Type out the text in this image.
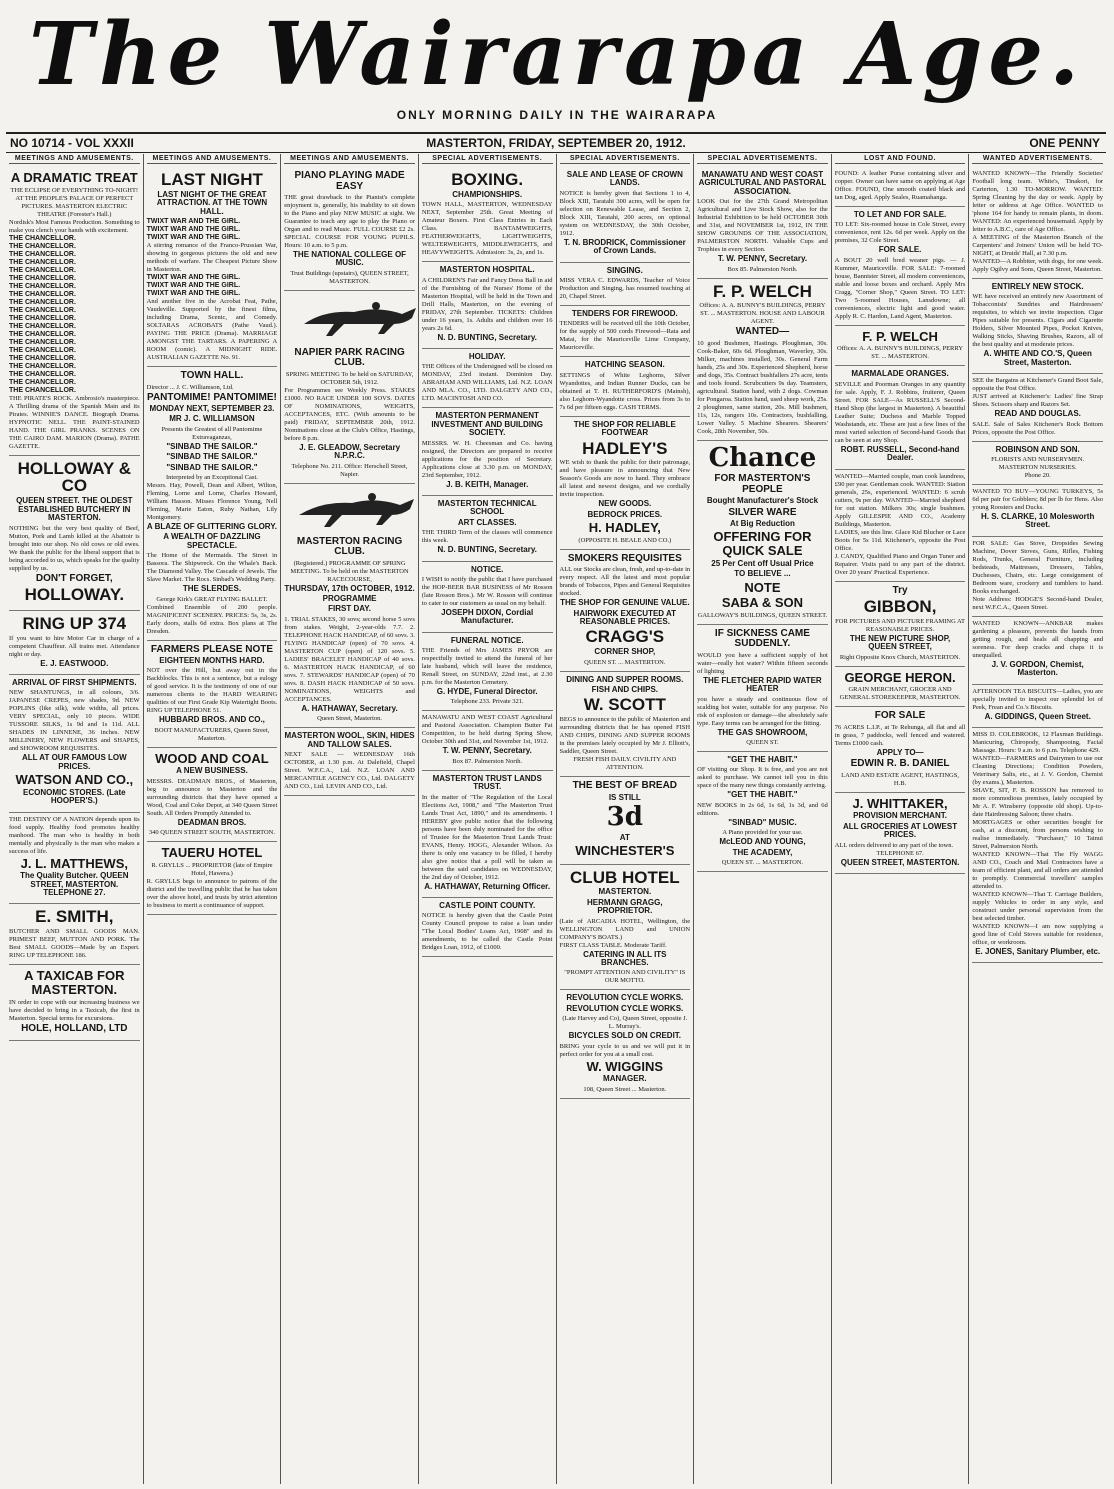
The Wairarapa Age.
ONLY MORNING DAILY IN THE WAIRARAPA
MASTERTON, FRIDAY, SEPTEMBER 20, 1912.
NO 10714 - VOL XXXII	ONE PENNY
MEETINGS AND AMUSEMENTS.
A DRAMATIC TREAT

THE ECLIPSE OF EVERYTHING TO-NIGHT! AT THE PEOPLE'S PALACE OF PERFECT PICTURES. MASTERTON ELECTRIC THEATRE (Forester's Hall.)

Nordisk's Most Famous Production. Something to make you clench your hands with excitement.

THE CHANCELLOR.
THE CHANCELLOR.
THE CHANCELLOR.
THE CHANCELLOR.
THE CHANCELLOR.
THE CHANCELLOR.
THE CHANCELLOR.
THE CHANCELLOR.
THE CHANCELLOR.
THE CHANCELLOR.
THE CHANCELLOR.
THE CHANCELLOR.
THE CHANCELLOR.
THE CHANCELLOR.
THE CHANCELLOR.
THE CHANCELLOR.
THE CHANCELLOR.
THE CHANCELLOR.
THE CHANCELLOR.
THE CHANCELLOR.

THE PIRATE'S ROCK. Ambrosio's masterpiece. A Thrilling drama of the Spanish Main and its Pirates. WINNIE'S DANCE. Biograph Drama. HYPNOTIC NELL. THE PAINT-STAINED HAND. THE GIRL PRANKS. SCENES ON THE CAIRO DAM. MARION (Drama). PATHE GAZETTE.

HOLLOWAY & CO
QUEEN STREET. THE OLDEST ESTABLISHED BUTCHERY IN MASTERTON.

NOTHING but the very best quality of Beef, Mutton, Pork and Lamb killed at the Abattoir is brought into our shop. No old cows or old ewes. We thank the public for the liberal support that is being accorded to us, which speaks for the quality supplied by us.

DON'T FORGET,
HOLLOWAY.
RING UP 374

If you want to hire Motor Car in charge of a competent Chauffeur. All trains met. Attendance night or day.

E. J. EASTWOOD.
ARRIVAL OF FIRST SHIPMENTS.

NEW SHANTUNGS, in all colours, 3/6. JAPANESE CREPES, new shades, 9d. NEW POPLINS (like silk), wide widths, all prices. VERY SPECIAL, only 10 pieces. WIDE TUSSORE SILKS, 1s 9d and 1s 11d. ALL SHADES IN LINNENE, 36 inches. NEW MILLINERY, NEW FLOWERS and SHAPES, and SHOWROOM REQUISITES.

ALL AT OUR FAMOUS LOW PRICES.
WATSON AND CO.,
ECONOMIC STORES. (Late HOOPER'S.)

THE DESTINY OF A NATION depends upon its food supply. Healthy food promotes healthy manhood. The man who is healthy in both mentally and physically is the man who makes a success of life.

J. L. MATTHEWS,
The Quality Butcher. QUEEN STREET, MASTERTON. TELEPHONE 27.
E. SMITH,

BUTCHER AND SMALL GOODS MAN. PRIMEST BEEF, MUTTON AND PORK. The Best SMALL GOODS—Made by an Expert. RING UP TELEPHONE 186.

A TAXICAB FOR MASTERTON.

IN order to cope with our increasing business we have decided to bring in a Taxicab, the first in Masterton. Special terms for excursions.

HOLE, HOLLAND, LTD
MEETINGS AND AMUSEMENTS.
LAST NIGHT
LAST NIGHT OF THE GREAT ATTRACTION. AT THE TOWN HALL.
TWIXT WAR AND THE GIRL.
TWIXT WAR AND THE GIRL.
TWIXT WAR AND THE GIRL.

A stirring romance of the Franco-Prussian War, showing in gorgeous pictures the old and new methods of warfare. The Cheapest Picture Show in Masterton.

TWIXT WAR AND THE GIRL.
TWIXT WAR AND THE GIRL.
TWIXT WAR AND THE GIRL.

And another five in the Acrobat Feat, Pathe, Vaudeville. Supported by the finest films, including Drama, Scenic, and Comedy. SOLTARAS ACROBATS (Pathe Vaud.). PAYING THE PRICE (Drama). MARRIAGE AMONGST THE TARTARS. A PAPERING A ROOM (comic). A MIDNIGHT RIDE. AUSTRALIAN GAZETTE No. 91.

TOWN HALL.

Director ... J. C. Williamson, Ltd.

PANTOMIME! PANTOMIME!
MONDAY NEXT, SEPTEMBER 23.
MR J. C. WILLIAMSON

Presents the Greatest of all Pantomime Extravaganzas,

"SINBAD THE SAILOR."
"SINBAD THE SAILOR."
"SINBAD THE SAILOR."

Interpreted by an Exceptional Cast.

Messrs. Hay, Powell, Dean and Albert, Wilton, Fleming, Lorne and Lorne, Charles Howard, William Hasson. Misses Florence Young, Nell Fleming, Marie Eaton, Ruby Nathan, Lily Montgomery.

A BLAZE OF GLITTERING GLORY.
A WEALTH OF DAZZLING SPECTACLE.

The Home of the Mermaids. The Street in Bassora. The Shipwreck. On the Whale's Back. The Diamond Valley. The Cascade of Jewels. The Slave Market. The Rocs. Sinbad's Wedding Party.

THE SLERDES.

George Kirk's GREAT FLYING BALLET.

Combined Ensemble of 200 people. MAGNIFICENT SCENERY. PRICES: 5s, 3s, 2s. Early doors, stalls 6d extra. Box plans at The Dresden.

FARMERS PLEASE NOTE
EIGHTEEN MONTHS HARD.

NOT over the Hill, but away out in the Backblocks. This is not a sentence, but a eulogy of good service. It is the testimony of one of our numerous clients to the HARD WEARING qualities of our First Grade Kip Watertight Boots. RING UP TELEPHONE 51.

HUBBARD BROS. AND CO.,

BOOT MANUFACTURERS, Queen Street, Masterton.

WOOD AND COAL
A NEW BUSINESS.

MESSRS. DEADMAN BROS., of Masterton, beg to announce to Masterton and the surrounding districts that they have opened a Wood, Coal and Coke Depot, at 340 Queen Street South. All Orders Promptly Attended to.

DEADMAN BROS.

340 QUEEN STREET SOUTH, MASTERTON.

TAUERU HOTEL

R. GRYLLS ... PROPRIETOR (late of Empire Hotel, Hawera.)

R. GRYLLS begs to announce to patrons of the district and the travelling public that he has taken over the above hotel, and trusts by strict attention to business to merit a continuance of support.

MEETINGS AND AMUSEMENTS.
PIANO PLAYING MADE EASY

THE great drawback to the Pianist's complete enjoyment is, generally, his inability to sit down to the Piano and play NEW MUSIC at sight. We Guarantee to teach any age to play the Piano or Organ and to read Music. FULL COURSE £2 2s. SPECIAL COURSE FOR YOUNG PUPILS. Hours: 10 a.m. to 5 p.m.

THE NATIONAL COLLEGE OF MUSIC.

Trust Buildings (upstairs), QUEEN STREET, MASTERTON.

NAPIER PARK RACING CLUB.

SPRING MEETING To be held on SATURDAY, OCTOBER 5th, 1912.

For Programmes see Weekly Press. STAKES £1000. NO RACE UNDER 100 SOVS. DATES OF NOMINATIONS, WEIGHTS, ACCEPTANCES, ETC. (With amounts to be paid) FRIDAY, SEPTEMBER 20th, 1912. Nominations close at the Club's Office, Hastings, before 8 p.m.

J. E. GLEADOW, Secretary N.P.R.C.

Telephone No. 211. Office: Herschell Street, Napier.

MASTERTON RACING CLUB.

(Registered.) PROGRAMME OF SPRING MEETING. To be held on the MASTERTON RACECOURSE,

THURSDAY, 17th OCTOBER, 1912.
PROGRAMME
FIRST DAY.

1. TRIAL STAKES, 30 sovs; second horse 5 sovs from stakes. Weight, 2-year-olds 7.7. 2. TELEPHONE HACK HANDICAP, of 60 sovs. 3. FLYING HANDICAP (open) of 70 sovs. 4. MASTERTON CUP (open) of 120 sovs. 5. LADIES' BRACELET HANDICAP of 40 sovs. 6. MASTERTON HACK HANDICAP, of 60 sovs. 7. STEWARDS' HANDICAP (open) of 70 sovs. 8. DASH HACK HANDICAP of 50 sovs. NOMINATIONS, WEIGHTS and ACCEPTANCES.

A. HATHAWAY, Secretary.

Queen Street, Masterton.

MASTERTON WOOL, SKIN, HIDES AND TALLOW SALES.

NEXT SALE — WEDNESDAY 16th OCTOBER, at 1.30 p.m. At Dalefield, Chapel Street. W.F.C.A., Ltd. N.Z. LOAN AND MERCANTILE AGENCY CO., Ltd. DALGETY AND CO., Ltd. LEVIN AND CO., Ltd.

SPECIAL ADVERTISEMENTS.
BOXING.
CHAMPIONSHIPS.

TOWN HALL, MASTERTON, WEDNESDAY NEXT, September 25th. Great Meeting of Amateur Boxers. First Class Entries in Each Class. BANTAMWEIGHTS, FEATHERWEIGHTS, LIGHTWEIGHTS, WELTERWEIGHTS, MIDDLEWEIGHTS, and HEAVYWEIGHTS. Admission: 3s, 2s, and 1s.

MASTERTON HOSPITAL.

A CHILDREN'S Fair and Fancy Dress Ball in aid of the Furnishing of the Nurses' Home of the Masterton Hospital, will be held in the Town and Drill Halls, Masterton, on the evening of FRIDAY, 27th September. TICKETS: Children under 16 years, 1s. Adults and children over 16 years 2s 6d.

N. D. BUNTING, Secretary.
HOLIDAY.

THE Offices of the Undersigned will be closed on MONDAY, 23rd instant. Dominion Day. ABRAHAM AND WILLIAMS, Ltd. N.Z. LOAN AND MLA. CO., LTD. DALGETY AND CO., LTD. MACINTOSH AND CO.

MASTERTON PERMANENT INVESTMENT AND BUILDING SOCIETY.

MESSRS. W. H. Cheesman and Co. having resigned, the Directors are prepared to receive applications for the position of Secretary. Applications close at 3.30 p.m. on MONDAY, 23rd September, 1912.

J. B. KEITH, Manager.
MASTERTON TECHNICAL SCHOOL
ART CLASSES.

THE THIRD Term of the classes will commence this week.

N. D. BUNTING, Secretary.
NOTICE.

I WISH to notify the public that I have purchased the HOP-BEER BAR BUSINESS of Mr Rosson (late Rosson Bros.). Mr W. Rosson will continue to cater to our customers as usual on my behalf.

JOSEPH DIXON, Cordial Manufacturer.
FUNERAL NOTICE.

THE Friends of Mrs JAMES PRYOR are respectfully invited to attend the funeral of her late husband, which will leave the residence, Renall Street, on SUNDAY, 22nd inst., at 2.30 p.m. for the Masterton Cemetery.

G. HYDE, Funeral Director.

Telephone 233. Private 321.

MANAWATU AND WEST COAST Agricultural and Pastoral Association. Champion Butter Fat Competition, to be held during Spring Show, October 30th and 31st, and November 1st, 1912.

T. W. PENNY, Secretary.

Box 87. Palmerston North.

MASTERTON TRUST LANDS TRUST.

In the matter of "The Regulation of the Local Elections Act, 1908," and "The Masterton Trust Lands Trust Act, 1890," and its amendments. I HEREBY give public notice that the following persons have been duly nominated for the office of Trustee for the Masterton Trust Lands Trust: EVANS, Henry. HOGG, Alexander Wilson. As there is only one vacancy to be filled, I hereby also give notice that a poll will be taken as between the said candidates on WEDNESDAY, the 2nd day of October, 1912.

A. HATHAWAY, Returning Officer.
CASTLE POINT COUNTY.

NOTICE is hereby given that the Castle Point County Council propose to raise a loan under "The Local Bodies' Loans Act, 1908" and its amendments, to be called the Castle Point Bridges Loan, 1912, of £1000.

SPECIAL ADVERTISEMENTS.
SALE AND LEASE OF CROWN LANDS.

NOTICE is hereby given that Sections 1 to 4, Block XIII, Taratahi 300 acres, will be open for selection on Renewable Lease, and Section 2, Block XIII, Taratahi, 200 acres, on optional system on WEDNESDAY, the 30th October, 1912.

T. N. BRODRICK, Commissioner of Crown Lands.
SINGING.

MISS VERA C. EDWARDS, Teacher of Voice Production and Singing, has resumed teaching at 20, Chapel Street.

TENDERS FOR FIREWOOD.

TENDERS will be received till the 10th October, for the supply of 500 cords Firewood—Rata and Matai, for the Mauriceville Lime Company, Mauriceville.

HATCHING SEASON.

SETTINGS of White Leghorns, Silver Wyandottes, and Indian Runner Ducks, can be obtained at T. H. RUTHERFORD'S (Mainsh), also Leghorn-Wyandotte cross. Prices from 3s to 7s 6d per fifteen eggs. CASH TERMS.

THE SHOP FOR RELIABLE FOOTWEAR
HADLEY'S

WE wish to thank the public for their patronage, and have pleasure in announcing that New Season's Goods are now to hand. They embrace all latest and newest designs, and we cordially invite inspection.

NEW GOODS.
BEDROCK PRICES.
H. HADLEY,

(OPPOSITE H. BEALE AND CO.)

SMOKERS REQUISITES

ALL our Stocks are clean, fresh, and up-to-date in every respect. All the latest and most popular brands of Tobaccos, Pipes and General Requisites stocked.

THE SHOP FOR GENUINE VALUE.
HAIRWORK EXECUTED AT REASONABLE PRICES.
CRAGG'S
CORNER SHOP,

QUEEN ST. ... MASTERTON.

DINING AND SUPPER ROOMS.
FISH AND CHIPS.
W. SCOTT

BEGS to announce to the public of Masterton and surrounding districts that he has opened FISH AND CHIPS, DINING AND SUPPER ROOMS in the premises lately occupied by Mr J. Elliott's, Saddler, Queen Street.

FRESH FISH DAILY. CIVILITY AND ATTENTION.

THE BEST OF BREAD
IS STILL
3d
AT
WINCHESTER'S
CLUB HOTEL
MASTERTON.
HERMANN GRAGG, PROPRIETOR.

(Late of ARCADIA HOTEL, Wellington, the WELLINGTON LAND and UNION COMPANY'S BOATS.)

FIRST CLASS TABLE. Moderate Tariff.

CATERING IN ALL ITS BRANCHES.

"PROMPT ATTENTION AND CIVILITY" IS OUR MOTTO.

REVOLUTION CYCLE WORKS.
REVOLUTION CYCLE WORKS.

(Late Harvey and Co), Queen Street, opposite J. L. Murray's.

BICYCLES SOLD ON CREDIT.

BRING your cycle to us and we will put it in perfect order for you at a small cost.

W. WIGGINS
MANAGER.

108, Queen Street ... Masterton.

SPECIAL ADVERTISEMENTS.
MANAWATU AND WEST COAST AGRICULTURAL AND PASTORAL ASSOCIATION.

LOOK Out for the 27th Grand Metropolitan Agricultural and Live Stock Show, also for the Industrial Exhibition to be held OCTOBER 30th and 31st, and NOVEMBER 1st, 1912, IN THE SHOW GROUNDS OF THE ASSOCIATION, PALMERSTON NORTH. Valuable Cups and Trophies in every Section.

T. W. PENNY, Secretary.

Box 85. Palmerston North.

F. P. WELCH

Offices: A. A. BUNNY'S BUILDINGS, PERRY ST. ... MASTERTON. HOUSE AND LABOUR AGENT.

WANTED—

10 good Bushmen, Hastings. Ploughman, 30s. Cook-Baker, 60s 6d. Ploughman, Waverley, 30s. Milker, machines installed, 30s. General Farm hands, 25s and 30s. Experienced Shepherd, horse and dogs, 35s. Contract bushfallers 27s acre, tents and tools found. Scrubcutters 9s day. Teamsters, agricultural. Station hand, with 2 dogs. Cowman for Pongaroa. Station hand, used sheep work, 25s. 2 ploughmen, same station, 20s. Mill bushmen, 11s, 12s, rangers 10s. Contractors, bushfalling, Lower Valley. 5 Machine Shearers. Shearers' Cook, 28th November, 50s.

Chance
FOR MASTERTON'S PEOPLE
Bought Manufacturer's Stock
SILVER WARE
At Big Reduction
OFFERING FOR QUICK SALE
25 Per Cent off Usual Price
TO BELIEVE ...
NOTE
SABA & SON

GALLOWAY'S BUILDINGS, QUEEN STREET.

IF SICKNESS CAME SUDDENLY.

WOULD you have a sufficient supply of hot water—really hot water? Within fifteen seconds of lighting

THE FLETCHER RAPID WATER HEATER

you have a steady and continuous flow of scalding hot water, suitable for any purpose. No risk of explosion or damage—the absolutely safe type. Easy terms can be arranged for the fitting.

THE GAS SHOWROOM,

QUEEN ST.

"GET THE HABIT."

OF visiting our Shop. It is free, and you are not asked to purchase. We cannot tell you in this space of the many new things constantly arriving.

"GET THE HABIT."

NEW BOOKS in 2s 6d, 1s 6d, 1s 3d, and 6d editions.

"SINBAD" MUSIC.

A Piano provided for your use.

McLEOD AND YOUNG,
THE ACADEMY,

QUEEN ST. ... MASTERTON.

LOST AND FOUND.

FOUND: A leather Purse containing silver and copper. Owner can have same on applying at Age Office. FOUND, One smooth coated black and tan Dog, aged. Apply Seales, Ruamahanga.

TO LET AND FOR SALE.

TO LET: Six-roomed house in Cole Street, every convenience, rent 12s. 6d per week. Apply on the premises, 32 Cole Street.

FOR SALE.

A BOUT 20 well bred weaner pigs. — J. Kummer, Mauriceville. FOR SALE: 7-roomed house, Bannister Street, all modern conveniences, stable and loose boxes and orchard. Apply Mrs Cragg, "Corner Shop," Queen Street. TO LET: Two 5-roomed Houses, Lansdowne; all conveniences, electric light and good water. Apply R. C. Hardon, Land Agent, Masterton.

F. P. WELCH

Offices: A. A. BUNNY'S BUILDINGS, PERRY ST. ... MASTERTON.

MARMALADE ORANGES.

SEVILLE and Poorman Oranges in any quantity for sale. Apply, F. J. Robbins, fruiterer, Queen Street. FOR SALE—As RUSSELL'S Second-Hand Shop (the largest in Masterton). A beautiful Leather Suite; Duchess and Marble Topped Washstands, etc. These are just a few lines of the most varied selection of Second-hand Goods that can be seen at any Shop.

ROBT. RUSSELL, Second-hand Dealer.

WANTED—Married couple, man cook laundress, £90 per year. Gentleman cook. WANTED: Station generals, 25s, experienced. WANTED: 6 scrub cutters, 9s per day. WANTED—Married shepherd for out station. Milkers 30s; single bushmen. Apply GILLESPIE AND CO., Academy Buildings, Masterton.

LADIES, see this line. Glace Kid Blucher or Lace Boots for 5s 11d. Kitchener's, opposite the Post Office.

J. CANDY, Qualified Piano and Organ Tuner and Repairer. Visits paid to any part of the district. Over 20 years' Practical Experience.

Try
GIBBON,

FOR PICTURES AND PICTURE FRAMING AT REASONABLE PRICES.

THE NEW PICTURE SHOP, QUEEN STREET,

Right Opposite Knox Church, MASTERTON.

GEORGE HERON.

GRAIN MERCHANT, GROCER AND GENERAL STOREKEEPER, MASTERTON.

FOR SALE

76 ACRES L.I.P., at Te Rehunga, all flat and all in grass, 7 paddocks, well fenced and watered. Terms £1000 cash.

APPLY TO—
EDWIN R. B. DANIEL

LAND AND ESTATE AGENT, HASTINGS, H.B.

J. WHITTAKER,
PROVISION MERCHANT.
ALL GROCERIES AT LOWEST PRICES.

ALL orders delivered to any part of the town.

TELEPHONE 67.

QUEEN STREET, MASTERTON.
WANTED ADVERTISEMENTS.

WANTED KNOWN—The Friendly Societies' Football long team. White's, Tinakori, for Carterton, 1.30 TO-MORROW. WANTED: Spring Cleaning by the day or week. Apply by letter or address at Age Office. WANTED to 'phone 164 for handy to remain plants, in doom. WANTED: An experienced housemaid. Apply by letter to A.B.C., care of Age Office.

A MEETING of the Masterton Branch of the Carpenters' and Joiners' Union will be held TO-NIGHT, at Druids' Hall, at 7.30 p.m.

WANTED—A Robbiter, with dogs, for one week. Apply Ogilvy and Sons, Queen Street, Masterton.

ENTIRELY NEW STOCK.

WE have received an entirely new Assortment of Tobacconists' Sundries and Hairdressers' requisites, to which we invite inspection. Cigar Pipes suitable for presents. Cigars and Cigarette Holders, Silver Mounted Pipes, Pocket Knives, Walking Sticks, Shaving Brushes, Razors, all of the best quality and at moderate prices.

A. WHITE AND CO.'S, Queen Street, Masterton.

SEE the Bargains at Kitchener's Grand Boot Sale, opposite the Post Office.

JUST arrived at Kitchener's: Ladies' fine Strap Shoes. Scissors sharp and Razors Set.

READ AND DOUGLAS.

SALE. Sale of Sales Kitchener's Rock Bottom Prices, opposite the Post Office.

ROBINSON AND SON.

FLORISTS AND NURSERYMEN. MASTERTON NURSERIES.

Phone 20.

WANTED TO BUY—YOUNG TURKEYS, 5s 6d per pair for Gobblers; 8d per lb for Hens. Also young Roosters and Ducks.

H. S. CLARKE, 10 Molesworth Street.

FOR SALE: Gas Stove, Dropsides Sewing Machine, Dover Stoves, Guns, Rifles, Fishing Rods, Trunks, General Furniture, including bedsteads, Mattresses, Dressers, Tables, Duchesses, Chairs, etc. Large consignment of Bedroom ware, crockery and tumblers to hand. Books exchanged.

Note Address: HODGE'S Second-hand Dealer, next W.F.C.A., Queen Street.

WANTED KNOWN—ANKBAR makes gardening a pleasure, prevents the hands from getting rough, and heals all chapping and soreness. For deep cracks and chaps it is unequalled.

J. V. GORDON, Chemist, Masterton.

AFTERNOON TEA BISCUITS—Ladies, you are specially invited to inspect our splendid lot of Peek, Frean and Co.'s Biscuits.

A. GIDDINGS, Queen Street.

MISS D. COLEBROOK, 12 Flaxman Buildings. Manicuring, Chiropody, Shampooing, Facial Massage. Hours: 9 a.m. to 6 p.m. Telephone 429.

WANTED—FARMERS and Dairymen to use our Cleaning Directions; Condition Powders, Veterinary Salts, etc., at J. V. Gordon, Chemist (by exams.), Masterton.

SHAVE, SIT, F. B. ROSSON has removed to more commodious premises, lately occupied by Mr A. F. Winsberry (opposite old shop). Up-to-date Hairdressing Saloon; three chairs.

MORTGAGES or other securities bought for cash, at a discount, from persons wishing to realise immediately. "Purchaser," 10 Tainui Street, Palmerston North.

WANTED KNOWN—That The Fly WAGG AND CO., Coach and Mail Contractors have a team of efficient plant, and all orders are attended to promptly. Commercial travellers' samples attended to.

WANTED KNOWN—That T. Carriage Builders, supply Vehicles to order in any style, and construct under personal supervision from the best selected timber.

WANTED KNOWN—I am now supplying a good line of Cold Stoves suitable for residence, office, or workroom.

E. JONES, Sanitary Plumber, etc.
